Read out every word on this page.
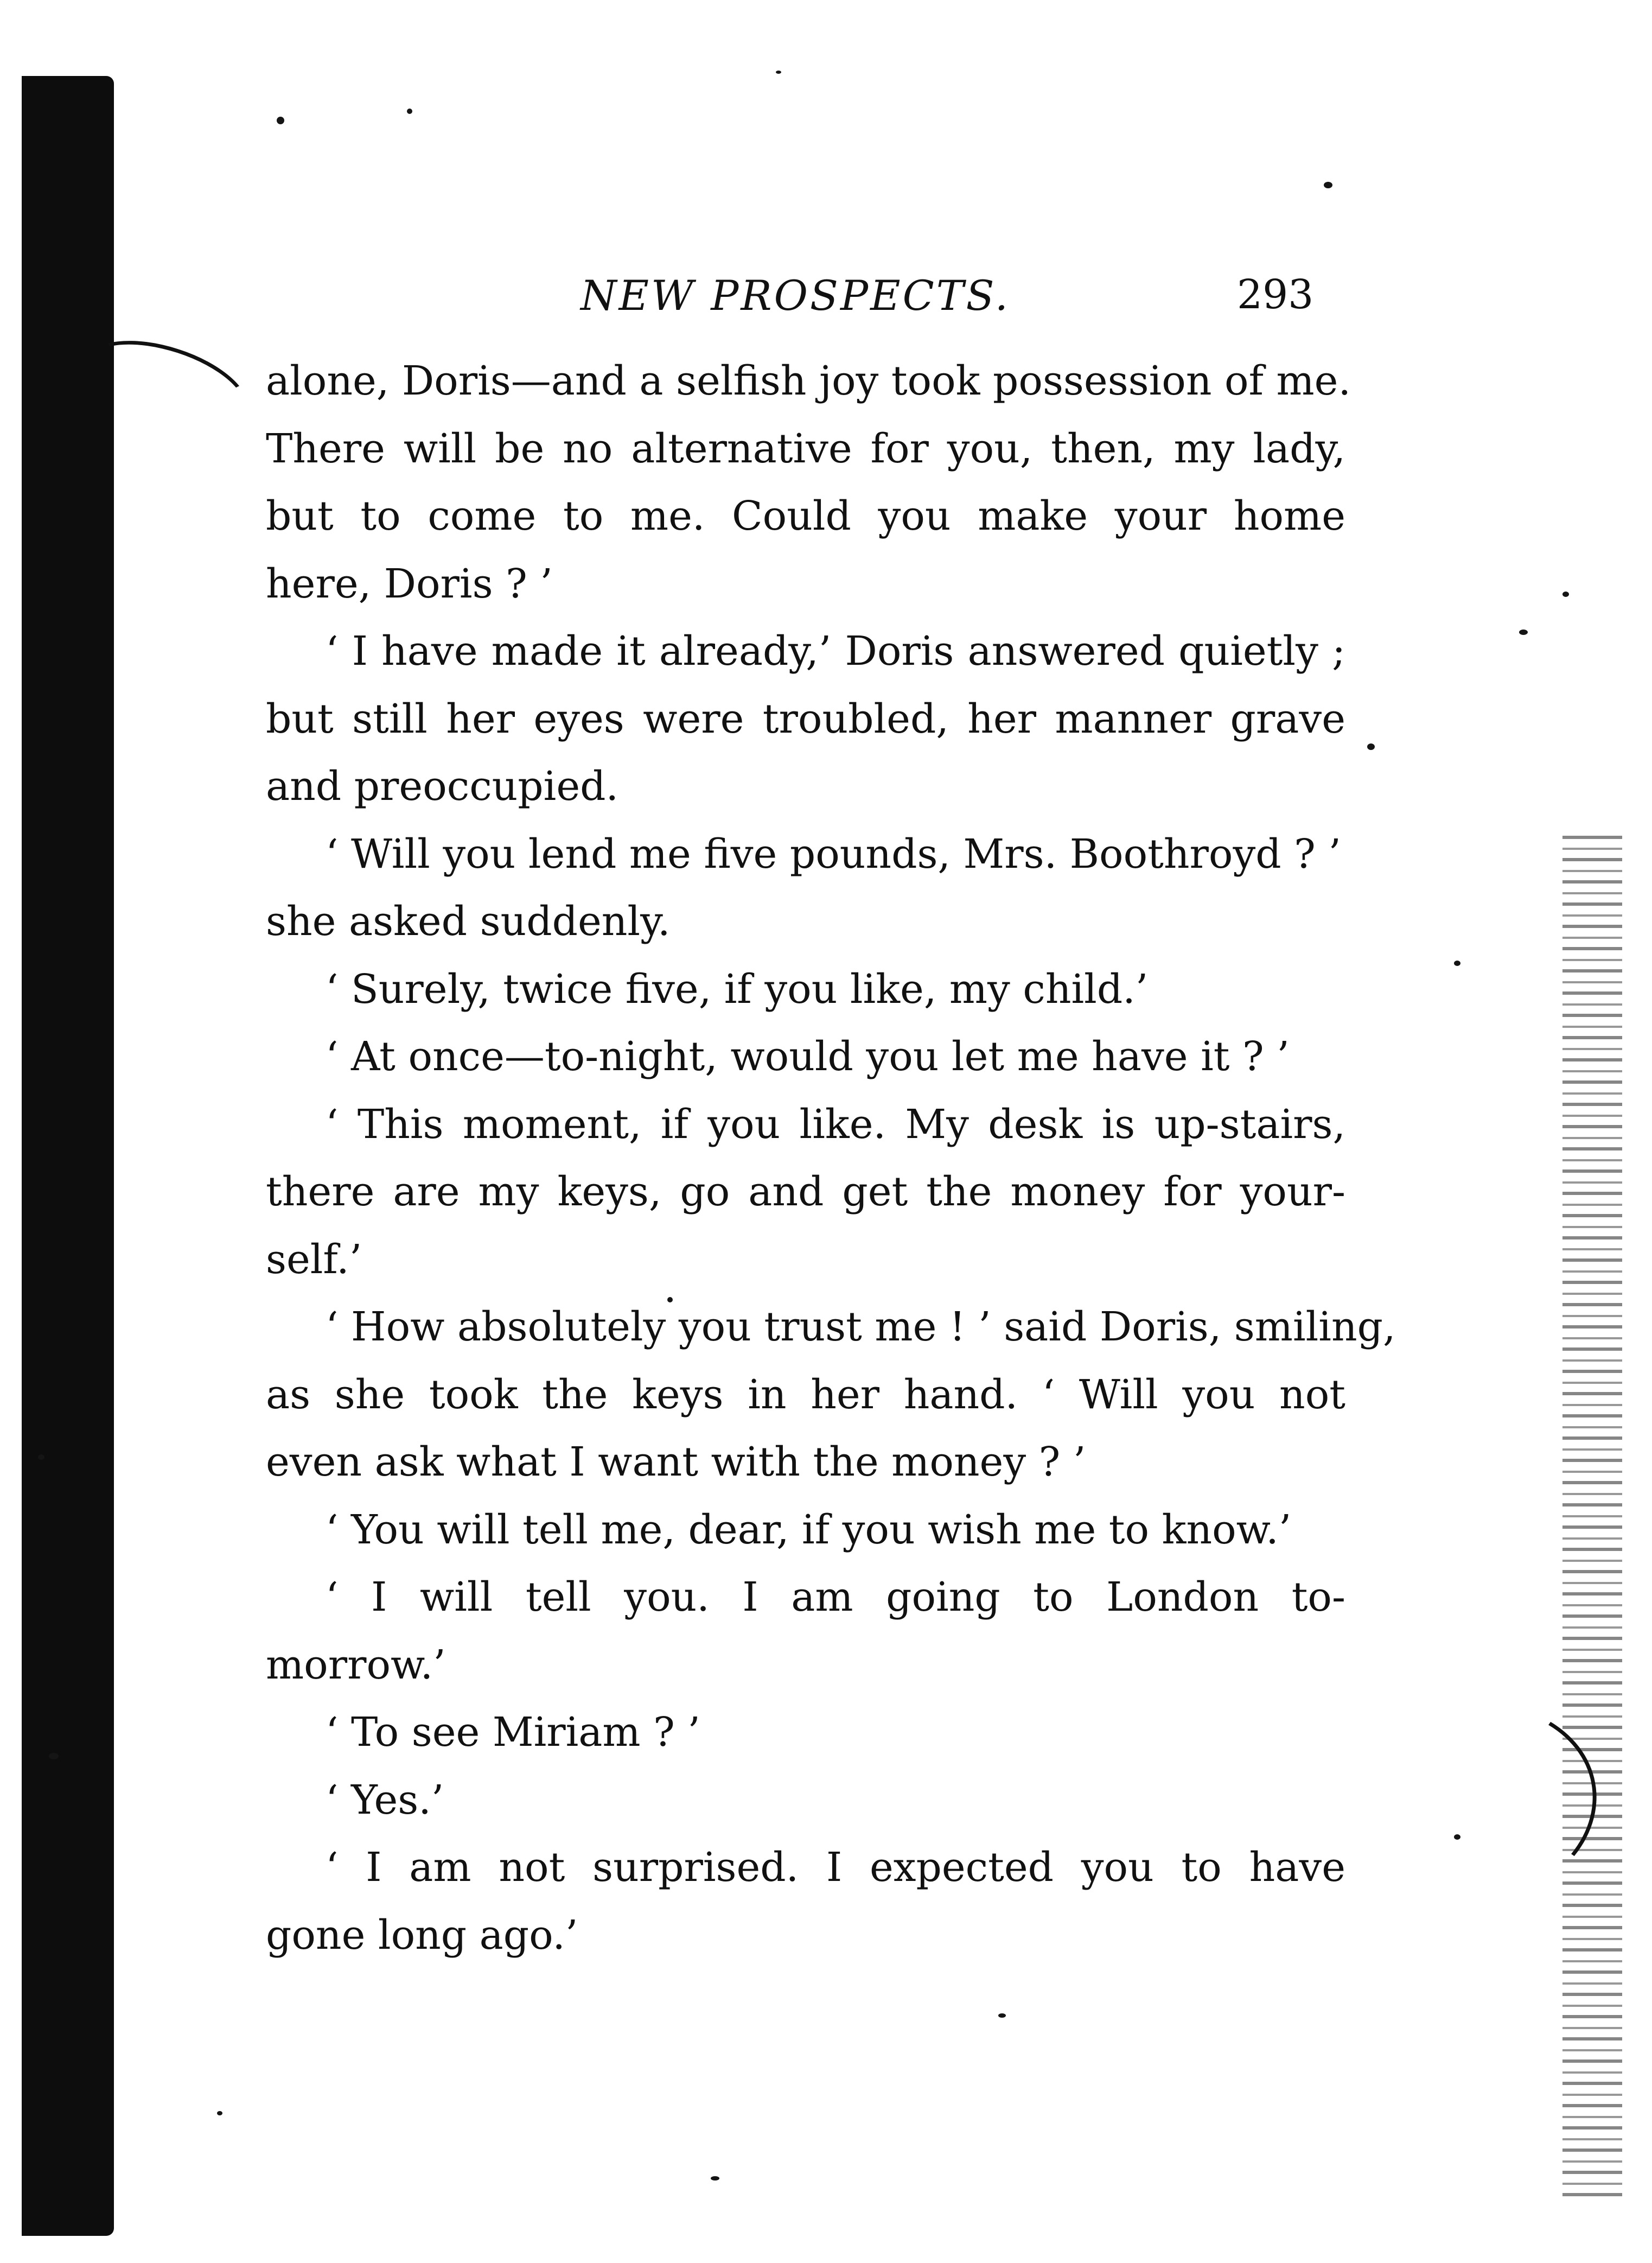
NEW PROSPECTS.	293
alone, Doris—and a selfish joy took possession of me.
There will be no alternative for you, then, my lady,
but to come to me. Could you make your home
here, Doris ? ’
‘ I have made it already,’ Doris answered quietly ;
but still her eyes were troubled, her manner grave
and preoccupied.
‘ Will you lend me five pounds, Mrs. Boothroyd ? ’
she asked suddenly.
‘ Surely, twice five, if you like, my child.’
‘ At once—to-night, would you let me have it ? ’
‘ This moment, if you like. My desk is up-stairs,
there are my keys, go and get the money for your-
self.’
‘ How absolutely you trust me ! ’ said Doris, smiling,
as she took the keys in her hand. ‘ Will you not
even ask what I want with the money ? ’
‘ You will tell me, dear, if you wish me to know.’
‘ I will tell you. I am going to London to-
morrow.’
‘ To see Miriam ? ’
‘ Yes.’
‘ I am not surprised. I expected you to have
gone long ago.’
